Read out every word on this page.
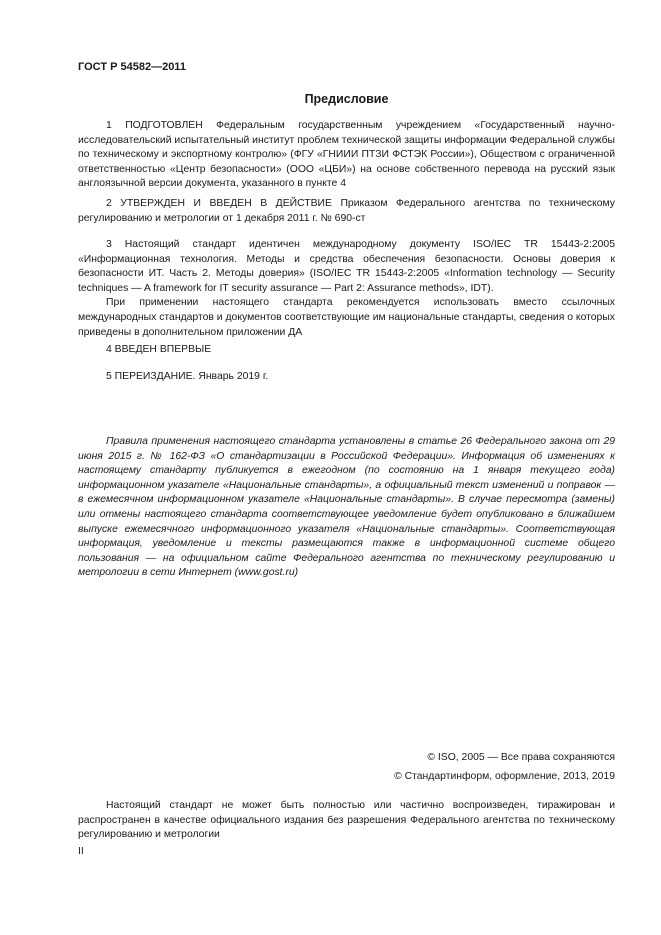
ГОСТ Р 54582—2011
Предисловие

1 ПОДГОТОВЛЕН Федеральным государственным учреждением «Государственный научно-исследовательский испытательный институт проблем технической защиты информации Федеральной службы по техническому и экспортному контролю» (ФГУ «ГНИИИ ПТЗИ ФСТЭК России»), Обществом с ограниченной ответственностью «Центр безопасности» (ООО «ЦБИ») на основе собственного перевода на русский язык англоязычной версии документа, указанного в пункте 4

2 УТВЕРЖДЕН И ВВЕДЕН В ДЕЙСТВИЕ Приказом Федерального агентства по техническому регулированию и метрологии от 1 декабря 2011 г. № 690-ст

3 Настоящий стандарт идентичен международному документу ISO/IEC TR 15443-2:2005 «Информационная технология. Методы и средства обеспечения безопасности. Основы доверия к безопасности ИТ. Часть 2. Методы доверия» (ISO/IEC TR 15443-2:2005 «Information technology — Security techniques — A framework for IT security assurance — Part 2: Assurance methods», IDT).

При применении настоящего стандарта рекомендуется использовать вместо ссылочных международных стандартов и документов соответствующие им национальные стандарты, сведения о которых приведены в дополнительном приложении ДА

4 ВВЕДЕН ВПЕРВЫЕ

5 ПЕРЕИЗДАНИЕ. Январь 2019 г.

Правила применения настоящего стандарта установлены в статье 26 Федерального закона от 29 июня 2015 г. № 162-ФЗ «О стандартизации в Российской Федерации». Информация об изменениях к настоящему стандарту публикуется в ежегодном (по состоянию на 1 января текущего года) информационном указателе «Национальные стандарты», а официальный текст изменений и поправок — в ежемесячном информационном указателе «Национальные стандарты». В случае пересмотра (замены) или отмены настоящего стандарта соответствующее уведомление будет опубликовано в ближайшем выпуске ежемесячного информационного указателя «Национальные стандарты». Соответствующая информация, уведомление и тексты размещаются также в информационной системе общего пользования — на официальном сайте Федерального агентства по техническому регулированию и метрологии в сети Интернет (www.gost.ru)

© ISO, 2005 — Все права сохраняются
© Стандартинформ, оформление, 2013, 2019

Настоящий стандарт не может быть полностью или частично воспроизведен, тиражирован и распространен в качестве официального издания без разрешения Федерального агентства по техническому регулированию и метрологии

II
